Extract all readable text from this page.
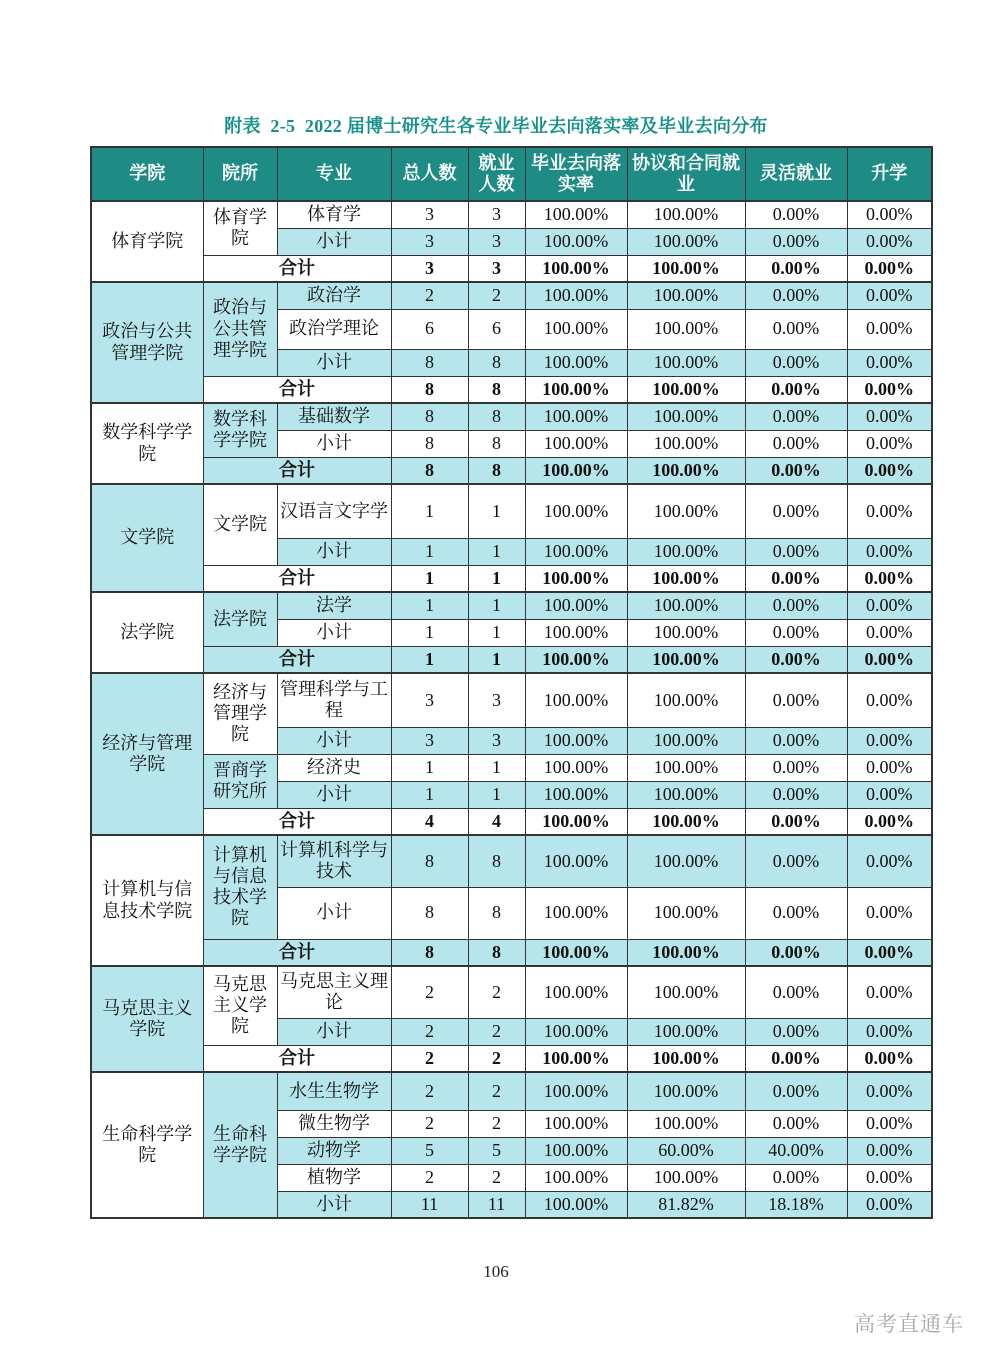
附表  2-5  2022 届博士研究生各专业毕业去向落实率及毕业去向分布
学院	院所	专业	总人数	就业人数	毕业去向落实率	协议和合同就业	灵活就业	升学
体育学院	体育学院	体育学	3	3	100.00%	100.00%	0.00%	0.00%
		小计	3	3	100.00%	100.00%	0.00%	0.00%
	合计		3	3	100.00%	100.00%	0.00%	0.00%
政治与公共管理学院	政治与公共管理学院	政治学	2	2	100.00%	100.00%	0.00%	0.00%
		政治学理论	6	6	100.00%	100.00%	0.00%	0.00%
		小计	8	8	100.00%	100.00%	0.00%	0.00%
	合计		8	8	100.00%	100.00%	0.00%	0.00%
数学科学学院	数学科学学院	基础数学	8	8	100.00%	100.00%	0.00%	0.00%
		小计	8	8	100.00%	100.00%	0.00%	0.00%
	合计		8	8	100.00%	100.00%	0.00%	0.00%
文学院	文学院	汉语言文字学	1	1	100.00%	100.00%	0.00%	0.00%
		小计	1	1	100.00%	100.00%	0.00%	0.00%
	合计		1	1	100.00%	100.00%	0.00%	0.00%
法学院	法学院	法学	1	1	100.00%	100.00%	0.00%	0.00%
		小计	1	1	100.00%	100.00%	0.00%	0.00%
	合计		1	1	100.00%	100.00%	0.00%	0.00%
经济与管理学院	经济与管理学院	管理科学与工程	3	3	100.00%	100.00%	0.00%	0.00%
		小计	3	3	100.00%	100.00%	0.00%	0.00%
	晋商学研究所	经济史	1	1	100.00%	100.00%	0.00%	0.00%
		小计	1	1	100.00%	100.00%	0.00%	0.00%
	合计		4	4	100.00%	100.00%	0.00%	0.00%
计算机与信息技术学院	计算机与信息技术学院	计算机科学与技术	8	8	100.00%	100.00%	0.00%	0.00%
		小计	8	8	100.00%	100.00%	0.00%	0.00%
	合计		8	8	100.00%	100.00%	0.00%	0.00%
马克思主义学院	马克思主义学院	马克思主义理论	2	2	100.00%	100.00%	0.00%	0.00%
		小计	2	2	100.00%	100.00%	0.00%	0.00%
	合计		2	2	100.00%	100.00%	0.00%	0.00%
生命科学学院	生命科学学院	水生生物学	2	2	100.00%	100.00%	0.00%	0.00%
		微生物学	2	2	100.00%	100.00%	0.00%	0.00%
		动物学	5	5	100.00%	60.00%	40.00%	0.00%
		植物学	2	2	100.00%	100.00%	0.00%	0.00%
		小计	11	11	100.00%	81.82%	18.18%	0.00%
106
高考直通车
